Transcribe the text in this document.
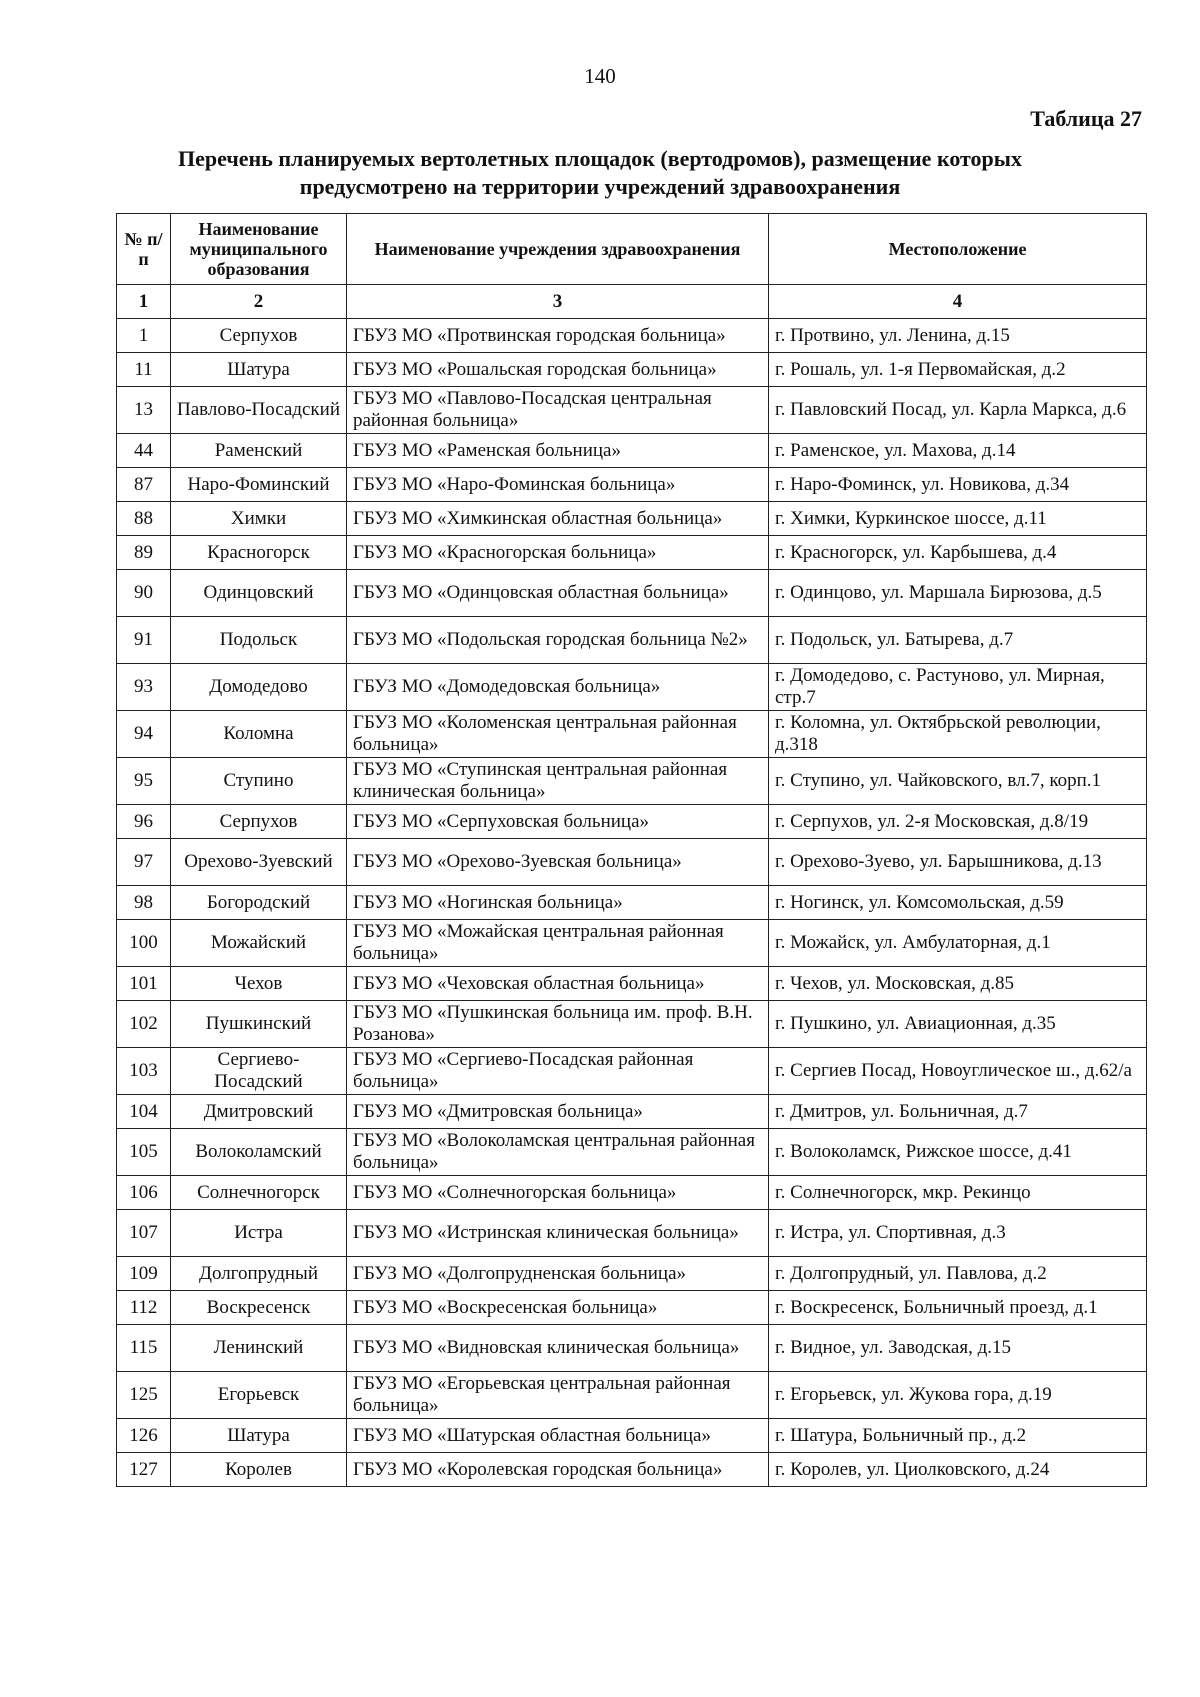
140
Таблица 27
Перечень планируемых вертолетных площадок (вертодромов), размещение которых предусмотрено на территории учреждений здравоохранения
№ п/п	Наименование муниципального образования	Наименование учреждения здравоохранения	Местоположение
1	2	3	4
1	Серпухов	ГБУЗ МО «Протвинская городская больница»	г. Протвино, ул. Ленина, д.15
11	Шатура	ГБУЗ МО «Рошальская городская больница»	г. Рошаль, ул. 1-я Первомайская, д.2
13	Павлово-Посадский	ГБУЗ МО «Павлово-Посадская центральная районная больница»	г. Павловский Посад, ул. Карла Маркса, д.6
44	Раменский	ГБУЗ МО «Раменская больница»	г. Раменское, ул. Махова, д.14
87	Наро-Фоминский	ГБУЗ МО «Наро-Фоминская больница»	г. Наро-Фоминск, ул. Новикова, д.34
88	Химки	ГБУЗ МО «Химкинская областная больница»	г. Химки, Куркинское шоссе, д.11
89	Красногорск	ГБУЗ МО «Красногорская больница»	г. Красногорск, ул. Карбышева, д.4
90	Одинцовский	ГБУЗ МО «Одинцовская областная больница»	г. Одинцово, ул. Маршала Бирюзова, д.5
91	Подольск	ГБУЗ МО «Подольская городская больница №2»	г. Подольск, ул. Батырева, д.7
93	Домодедово	ГБУЗ МО «Домодедовская больница»	г. Домодедово, с. Растуново, ул. Мирная, стр.7
94	Коломна	ГБУЗ МО «Коломенская центральная районная больница»	г. Коломна, ул. Октябрьской революции, д.318
95	Ступино	ГБУЗ МО «Ступинская центральная районная клиническая больница»	г. Ступино, ул. Чайковского, вл.7, корп.1
96	Серпухов	ГБУЗ МО «Серпуховская больница»	г. Серпухов, ул. 2-я Московская, д.8/19
97	Орехово-Зуевский	ГБУЗ МО «Орехово-Зуевская больница»	г. Орехово-Зуево, ул. Барышникова, д.13
98	Богородский	ГБУЗ МО «Ногинская больница»	г. Ногинск, ул. Комсомольская, д.59
100	Можайский	ГБУЗ МО «Можайская центральная районная больница»	г. Можайск, ул. Амбулаторная, д.1
101	Чехов	ГБУЗ МО «Чеховская областная больница»	г. Чехов, ул. Московская, д.85
102	Пушкинский	ГБУЗ МО «Пушкинская больница им. проф. В.Н. Розанова»	г. Пушкино, ул. Авиационная, д.35
103	Сергиево-Посадский	ГБУЗ МО «Сергиево-Посадская районная больница»	г. Сергиев Посад, Новоуглическое ш., д.62/а
104	Дмитровский	ГБУЗ МО «Дмитровская больница»	г. Дмитров, ул. Больничная, д.7
105	Волоколамский	ГБУЗ МО «Волоколамская центральная районная больница»	г. Волоколамск, Рижское шоссе, д.41
106	Солнечногорск	ГБУЗ МО «Солнечногорская больница»	г. Солнечногорск, мкр. Рекинцо
107	Истра	ГБУЗ МО «Истринская клиническая больница»	г. Истра, ул. Спортивная, д.3
109	Долгопрудный	ГБУЗ МО «Долгопрудненская больница»	г. Долгопрудный, ул. Павлова, д.2
112	Воскресенск	ГБУЗ МО «Воскресенская больница»	г. Воскресенск, Больничный проезд, д.1
115	Ленинский	ГБУЗ МО «Видновская клиническая больница»	г. Видное, ул. Заводская, д.15
125	Егорьевск	ГБУЗ МО «Егорьевская центральная районная больница»	г. Егорьевск, ул. Жукова гора, д.19
126	Шатура	ГБУЗ МО «Шатурская областная больница»	г. Шатура, Больничный пр., д.2
127	Королев	ГБУЗ МО «Королевская городская больница»	г. Королев, ул. Циолковского, д.24
